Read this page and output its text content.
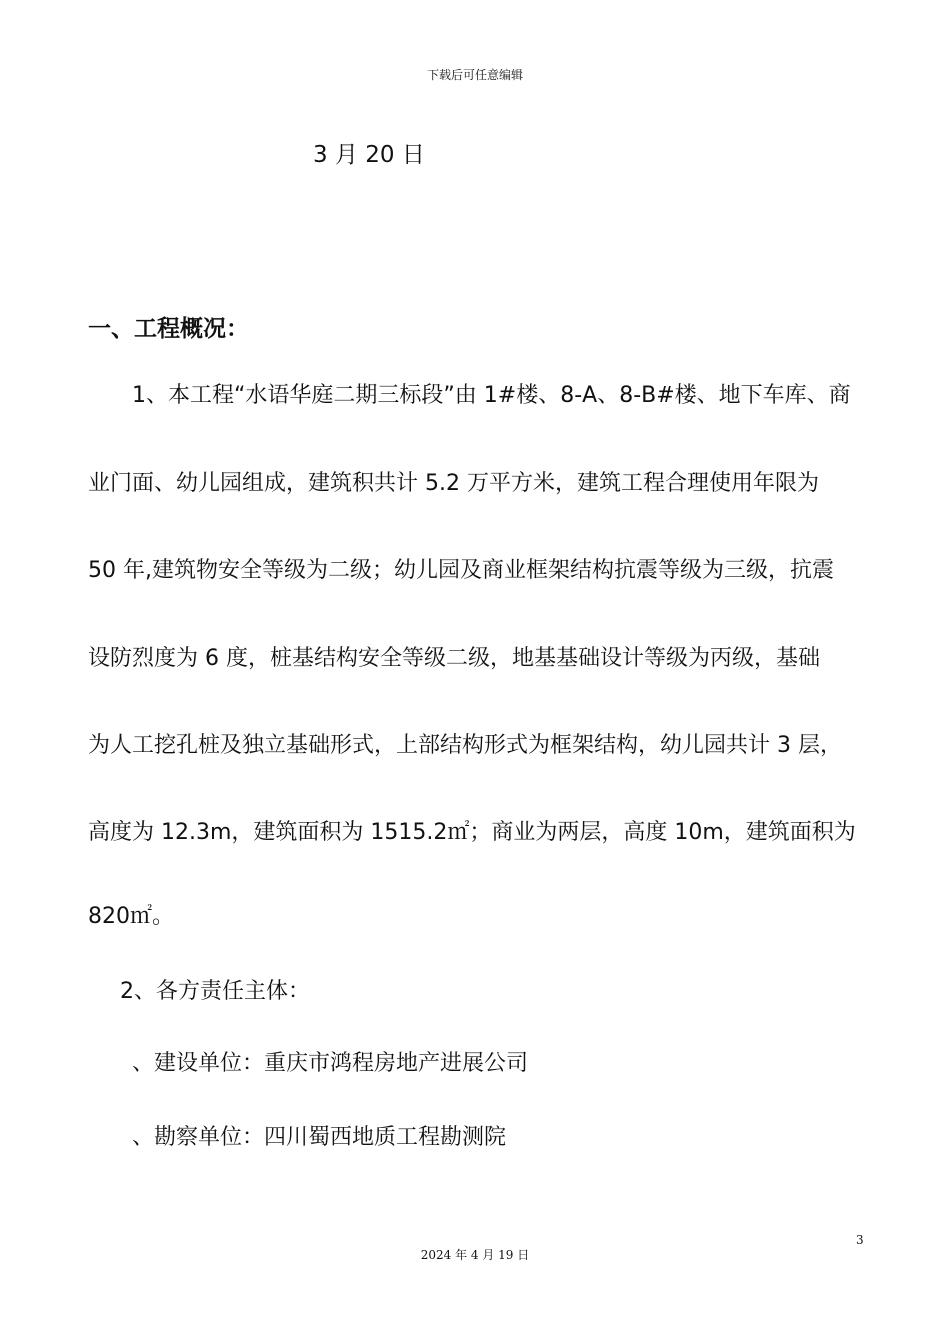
下载后可任意编辑
3 月 20 日
一、工程概况：
1、本工程“水语华庭二期三标段”由 1#楼、8-A、8-B#楼、地下车库、商
业门面、幼儿园组成，建筑积共计 5.2 万平方米，建筑工程合理使用年限为
50 年,建筑物安全等级为二级；幼儿园及商业框架结构抗震等级为三级，抗震
设防烈度为 6 度，桩基结构安全等级二级，地基基础设计等级为丙级，基础
为人工挖孔桩及独立基础形式，上部结构形式为框架结构，幼儿园共计 3 层，
高度为 12.3m，建筑面积为 1515.2㎡；商业为两层，高度 10m，建筑面积为
820㎡。
2、各方责任主体：
、建设单位：重庆市鸿程房地产进展公司
、勘察单位：四川蜀西地质工程勘测院
3
2024 年 4 月 19 日
